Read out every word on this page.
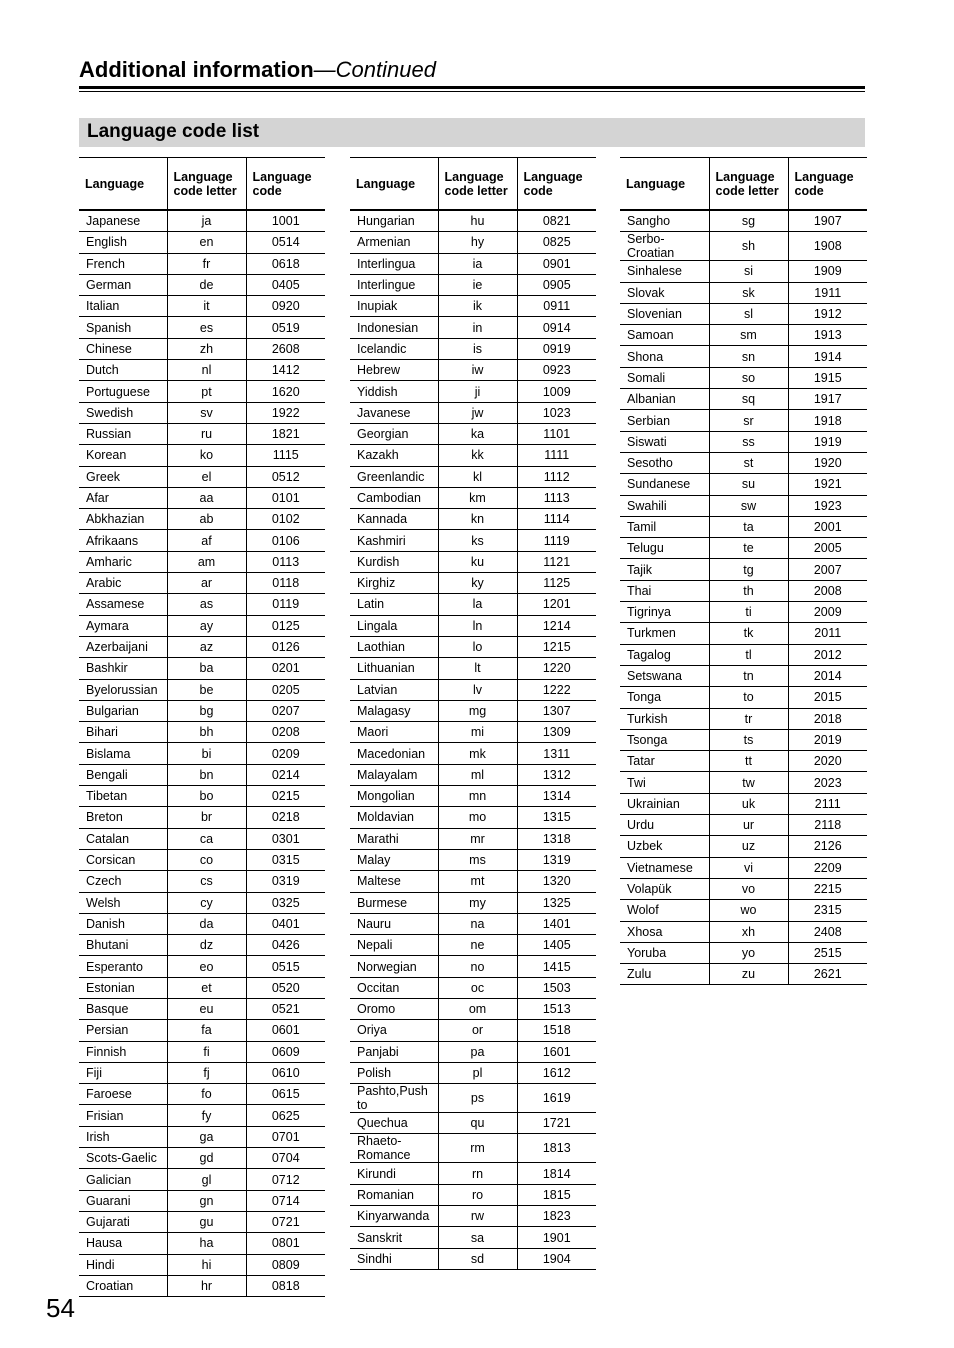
Additional information—Continued
Language code list
Language	Language code letter	Language code
Japanese	ja	1001
English	en	0514
French	fr	0618
German	de	0405
Italian	it	0920
Spanish	es	0519
Chinese	zh	2608
Dutch	nl	1412
Portuguese	pt	1620
Swedish	sv	1922
Russian	ru	1821
Korean	ko	1115
Greek	el	0512
Afar	aa	0101
Abkhazian	ab	0102
Afrikaans	af	0106
Amharic	am	0113
Arabic	ar	0118
Assamese	as	0119
Aymara	ay	0125
Azerbaijani	az	0126
Bashkir	ba	0201
Byelorussian	be	0205
Bulgarian	bg	0207
Bihari	bh	0208
Bislama	bi	0209
Bengali	bn	0214
Tibetan	bo	0215
Breton	br	0218
Catalan	ca	0301
Corsican	co	0315
Czech	cs	0319
Welsh	cy	0325
Danish	da	0401
Bhutani	dz	0426
Esperanto	eo	0515
Estonian	et	0520
Basque	eu	0521
Persian	fa	0601
Finnish	fi	0609
Fiji	fj	0610
Faroese	fo	0615
Frisian	fy	0625
Irish	ga	0701
Scots-Gaelic	gd	0704
Galician	gl	0712
Guarani	gn	0714
Gujarati	gu	0721
Hausa	ha	0801
Hindi	hi	0809
Croatian	hr	0818
Language	Language code letter	Language code
Hungarian	hu	0821
Armenian	hy	0825
Interlingua	ia	0901
Interlingue	ie	0905
Inupiak	ik	0911
Indonesian	in	0914
Icelandic	is	0919
Hebrew	iw	0923
Yiddish	ji	1009
Javanese	jw	1023
Georgian	ka	1101
Kazakh	kk	1111
Greenlandic	kl	1112
Cambodian	km	1113
Kannada	kn	1114
Kashmiri	ks	1119
Kurdish	ku	1121
Kirghiz	ky	1125
Latin	la	1201
Lingala	ln	1214
Laothian	lo	1215
Lithuanian	lt	1220
Latvian	lv	1222
Malagasy	mg	1307
Maori	mi	1309
Macedonian	mk	1311
Malayalam	ml	1312
Mongolian	mn	1314
Moldavian	mo	1315
Marathi	mr	1318
Malay	ms	1319
Maltese	mt	1320
Burmese	my	1325
Nauru	na	1401
Nepali	ne	1405
Norwegian	no	1415
Occitan	oc	1503
Oromo	om	1513
Oriya	or	1518
Panjabi	pa	1601
Polish	pl	1612
Pashto,Push to	ps	1619
Quechua	qu	1721
Rhaeto-Romance	rm	1813
Kirundi	rn	1814
Romanian	ro	1815
Kinyarwanda	rw	1823
Sanskrit	sa	1901
Sindhi	sd	1904
Language	Language code letter	Language code
Sangho	sg	1907
Serbo-Croatian	sh	1908
Sinhalese	si	1909
Slovak	sk	1911
Slovenian	sl	1912
Samoan	sm	1913
Shona	sn	1914
Somali	so	1915
Albanian	sq	1917
Serbian	sr	1918
Siswati	ss	1919
Sesotho	st	1920
Sundanese	su	1921
Swahili	sw	1923
Tamil	ta	2001
Telugu	te	2005
Tajik	tg	2007
Thai	th	2008
Tigrinya	ti	2009
Turkmen	tk	2011
Tagalog	tl	2012
Setswana	tn	2014
Tonga	to	2015
Turkish	tr	2018
Tsonga	ts	2019
Tatar	tt	2020
Twi	tw	2023
Ukrainian	uk	2111
Urdu	ur	2118
Uzbek	uz	2126
Vietnamese	vi	2209
Volapük	vo	2215
Wolof	wo	2315
Xhosa	xh	2408
Yoruba	yo	2515
Zulu	zu	2621
54
